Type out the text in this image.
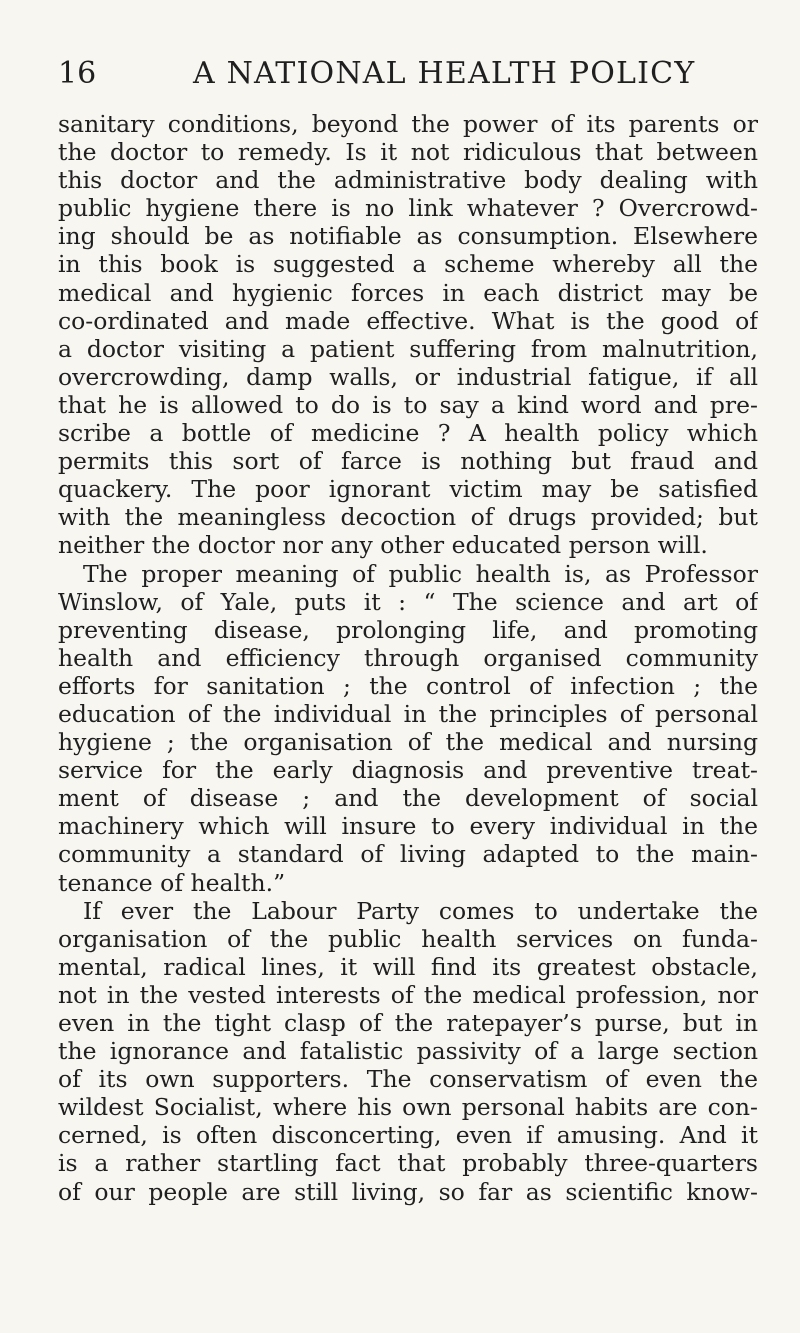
16	A NATIONAL HEALTH POLICY
sanitary conditions, beyond the power of its parents or
the doctor to remedy. Is it not ridiculous that between
this doctor and the administrative body dealing with
public hygiene there is no link whatever ? Overcrowd-
ing should be as notifiable as consumption. Elsewhere
in this book is suggested a scheme whereby all the
medical and hygienic forces in each district may be
co-ordinated and made effective. What is the good of
a doctor visiting a patient suffering from malnutrition,
overcrowding, damp walls, or industrial fatigue, if all
that he is allowed to do is to say a kind word and pre-
scribe a bottle of medicine ? A health policy which
permits this sort of farce is nothing but fraud and
quackery. The poor ignorant victim may be satisfied
with the meaningless decoction of drugs provided; but
neither the doctor nor any other educated person will.
The proper meaning of public health is, as Professor
Winslow, of Yale, puts it : “ The science and art of
preventing disease, prolonging life, and promoting
health and efficiency through organised community
efforts for sanitation ; the control of infection ; the
education of the individual in the principles of personal
hygiene ; the organisation of the medical and nursing
service for the early diagnosis and preventive treat-
ment of disease ; and the development of social
machinery which will insure to every individual in the
community a standard of living adapted to the main-
tenance of health.”
If ever the Labour Party comes to undertake the
organisation of the public health services on funda-
mental, radical lines, it will find its greatest obstacle,
not in the vested interests of the medical profession, nor
even in the tight clasp of the ratepayer’s purse, but in
the ignorance and fatalistic passivity of a large section
of its own supporters. The conservatism of even the
wildest Socialist, where his own personal habits are con-
cerned, is often disconcerting, even if amusing. And it
is a rather startling fact that probably three-quarters
of our people are still living, so far as scientific know-
